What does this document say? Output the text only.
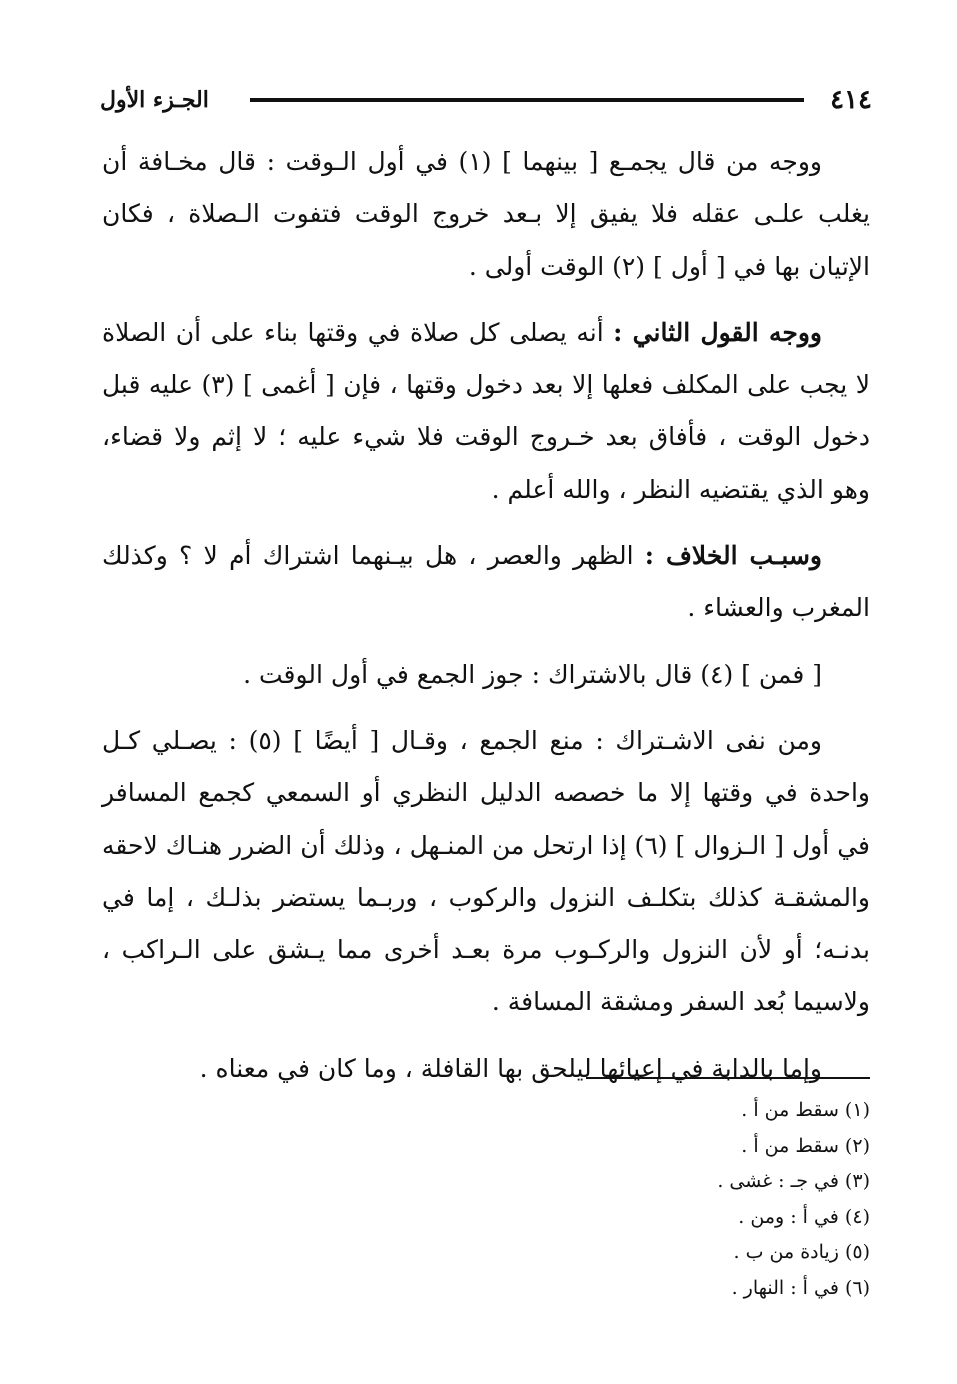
٤١٤
الجـزء الأول

ووجه من قال يجمـع [ بينهما ] (١) في أول الـوقت : قال مخـافة أن يغلب علـى عقله فلا يفيق إلا بـعد خروج الوقت فتفوت الـصلاة ، فكان الإتيان بها في [ أول ] (٢) الوقت أولى .

ووجه القول الثاني : أنه يصلى كل صلاة في وقتها بناء على أن الصلاة لا يجب على المكلف فعلها إلا بعد دخول وقتها ، فإن [ أغمى ] (٣) عليه قبل دخول الوقت ، فأفاق بعد خـروج الوقت فلا شيء عليه ؛ لا إثم ولا قضاء، وهو الذي يقتضيه النظر ، والله أعلم .

وسبـب الخلاف : الظهر والعصر ، هل بيـنهما اشتراك أم لا ؟ وكذلك المغرب والعشاء .

[ فمن ] (٤) قال بالاشتراك : جوز الجمع في أول الوقت .

ومن نفى الاشـتراك : منع الجمع ، وقـال [ أيضًا ] (٥) : يصـلي كـل واحدة في وقتها إلا ما خصصه الدليل النظري أو السمعي كجمع المسافر في أول [ الـزوال ] (٦) إذا ارتحل من المنـهل ، وذلك أن الضرر هنـاك لاحقه والمشقـة كذلك بتكلـف النزول والركوب ، وربـما يستضر بذلـك ، إما في بدنـه؛ أو لأن النزول والركـوب مرة بعـد أخرى مما يـشق على الـراكب ، ولاسيما بُعد السفر ومشقة المسافة .

وإما بالدابة في إعيائها ليلحق بها القافلة ، وما كان في معناه .

(١) سقط من أ .
(٢) سقط من أ .
(٣) في جـ : غشى .
(٤) في أ : ومن .
(٥) زيادة من ب .
(٦) في أ : النهار .
